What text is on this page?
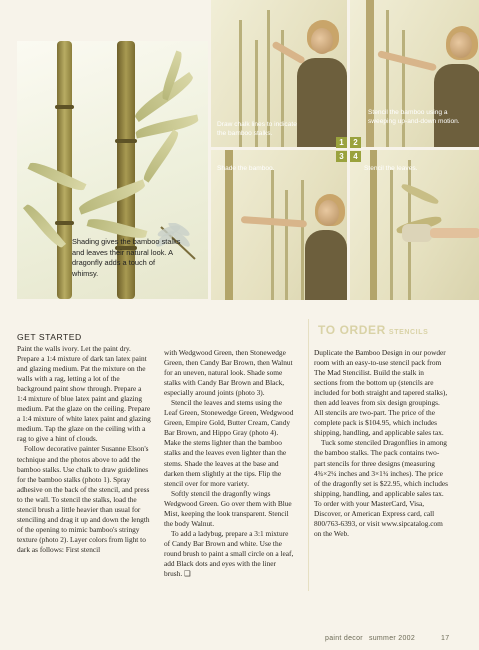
Shading gives the bamboo stalks and leaves their natural look. A dragonfly adds a touch of whimsy.
Draw chalk lines to indicate the bamboo stalks.
Stencil the bamboo using a sweeping up-and-down motion.
Shade the bamboo.	Stencil the leaves.
1	2
3	4
GET STARTED

Paint the walls ivory. Let the paint dry. Prepare a 1:4 mixture of dark tan latex paint and glazing medium. Pat the mixture on the walls with a rag, letting a lot of the background paint show through. Prepare a 1:4 mixture of blue latex paint and glazing medium. Pat the glaze on the ceiling. Prepare a 1:4 mixture of white latex paint and glazing medium. Tap the glaze on the ceiling with a rag to give a hint of clouds.

Follow decorative painter Susanne Elson's technique and the photos above to add the bamboo stalks. Use chalk to draw guidelines for the bamboo stalks (photo 1). Spray adhesive on the back of the stencil, and press to the wall. To stencil the stalks, load the stencil brush a little heavier than usual for stenciling and drag it up and down the length of the opening to mimic bamboo's stringy texture (photo 2). Layer colors from light to dark as follows: First stencil

with Wedgwood Green, then Stonewedge Green, then Candy Bar Brown, then Walnut for an uneven, natural look. Shade some stalks with Candy Bar Brown and Black, especially around joints (photo 3).

Stencil the leaves and stems using the Leaf Green, Stonewedge Green, Wedgwood Green, Empire Gold, Butter Cream, Candy Bar Brown, and Hippo Gray (photo 4). Make the stems lighter than the bamboo stalks and the leaves even lighter than the stems. Shade the leaves at the base and darken them slightly at the tips. Flip the stencil over for more variety.

Softly stencil the dragonfly wings Wedgwood Green. Go over them with Blue Mist, keeping the look transparent. Stencil the body Walnut.

To add a ladybug, prepare a 3:1 mixture of Candy Bar Brown and white. Use the round brush to paint a small circle on a leaf, add Black dots and eyes with the liner brush. ❑

TO ORDER STENCILS

Duplicate the Bamboo Design in our powder room with an easy-to-use stencil pack from The Mad Stencilist. Build the stalk in sections from the bottom up (stencils are included for both straight and tapered stalks), then add leaves from six design groupings. All stencils are two-part. The price of the complete pack is $104.95, which includes shipping, handling, and applicable sales tax.

Tuck some stenciled Dragonflies in among the bamboo stalks. The pack contains two-part stencils for three designs (measuring 4¾×2¼ inches and 3×1¾ inches). The price of the dragonfly set is $22.95, which includes shipping, handling, and applicable sales tax. To order with your MasterCard, Visa, Discover, or American Express card, call 800/763-6393, or visit www.sipcatalog.com on the Web.

paint decor summer 2002	17
